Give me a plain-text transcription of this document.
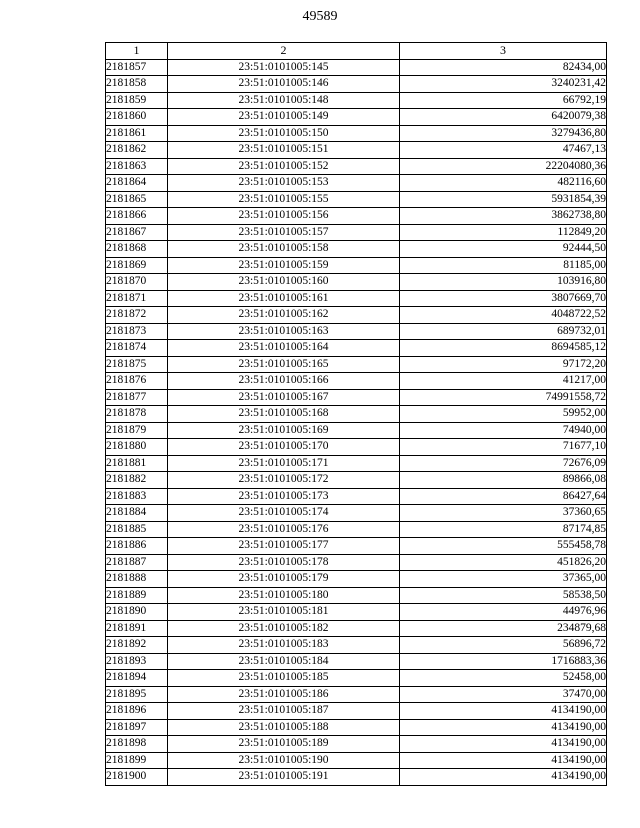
49589
1	2	3
2181857	23:51:0101005:145	82434,00
2181858	23:51:0101005:146	3240231,42
2181859	23:51:0101005:148	66792,19
2181860	23:51:0101005:149	6420079,38
2181861	23:51:0101005:150	3279436,80
2181862	23:51:0101005:151	47467,13
2181863	23:51:0101005:152	22204080,36
2181864	23:51:0101005:153	482116,60
2181865	23:51:0101005:155	5931854,39
2181866	23:51:0101005:156	3862738,80
2181867	23:51:0101005:157	112849,20
2181868	23:51:0101005:158	92444,50
2181869	23:51:0101005:159	81185,00
2181870	23:51:0101005:160	103916,80
2181871	23:51:0101005:161	3807669,70
2181872	23:51:0101005:162	4048722,52
2181873	23:51:0101005:163	689732,01
2181874	23:51:0101005:164	8694585,12
2181875	23:51:0101005:165	97172,20
2181876	23:51:0101005:166	41217,00
2181877	23:51:0101005:167	74991558,72
2181878	23:51:0101005:168	59952,00
2181879	23:51:0101005:169	74940,00
2181880	23:51:0101005:170	71677,10
2181881	23:51:0101005:171	72676,09
2181882	23:51:0101005:172	89866,08
2181883	23:51:0101005:173	86427,64
2181884	23:51:0101005:174	37360,65
2181885	23:51:0101005:176	87174,85
2181886	23:51:0101005:177	555458,78
2181887	23:51:0101005:178	451826,20
2181888	23:51:0101005:179	37365,00
2181889	23:51:0101005:180	58538,50
2181890	23:51:0101005:181	44976,96
2181891	23:51:0101005:182	234879,68
2181892	23:51:0101005:183	56896,72
2181893	23:51:0101005:184	1716883,36
2181894	23:51:0101005:185	52458,00
2181895	23:51:0101005:186	37470,00
2181896	23:51:0101005:187	4134190,00
2181897	23:51:0101005:188	4134190,00
2181898	23:51:0101005:189	4134190,00
2181899	23:51:0101005:190	4134190,00
2181900	23:51:0101005:191	4134190,00
